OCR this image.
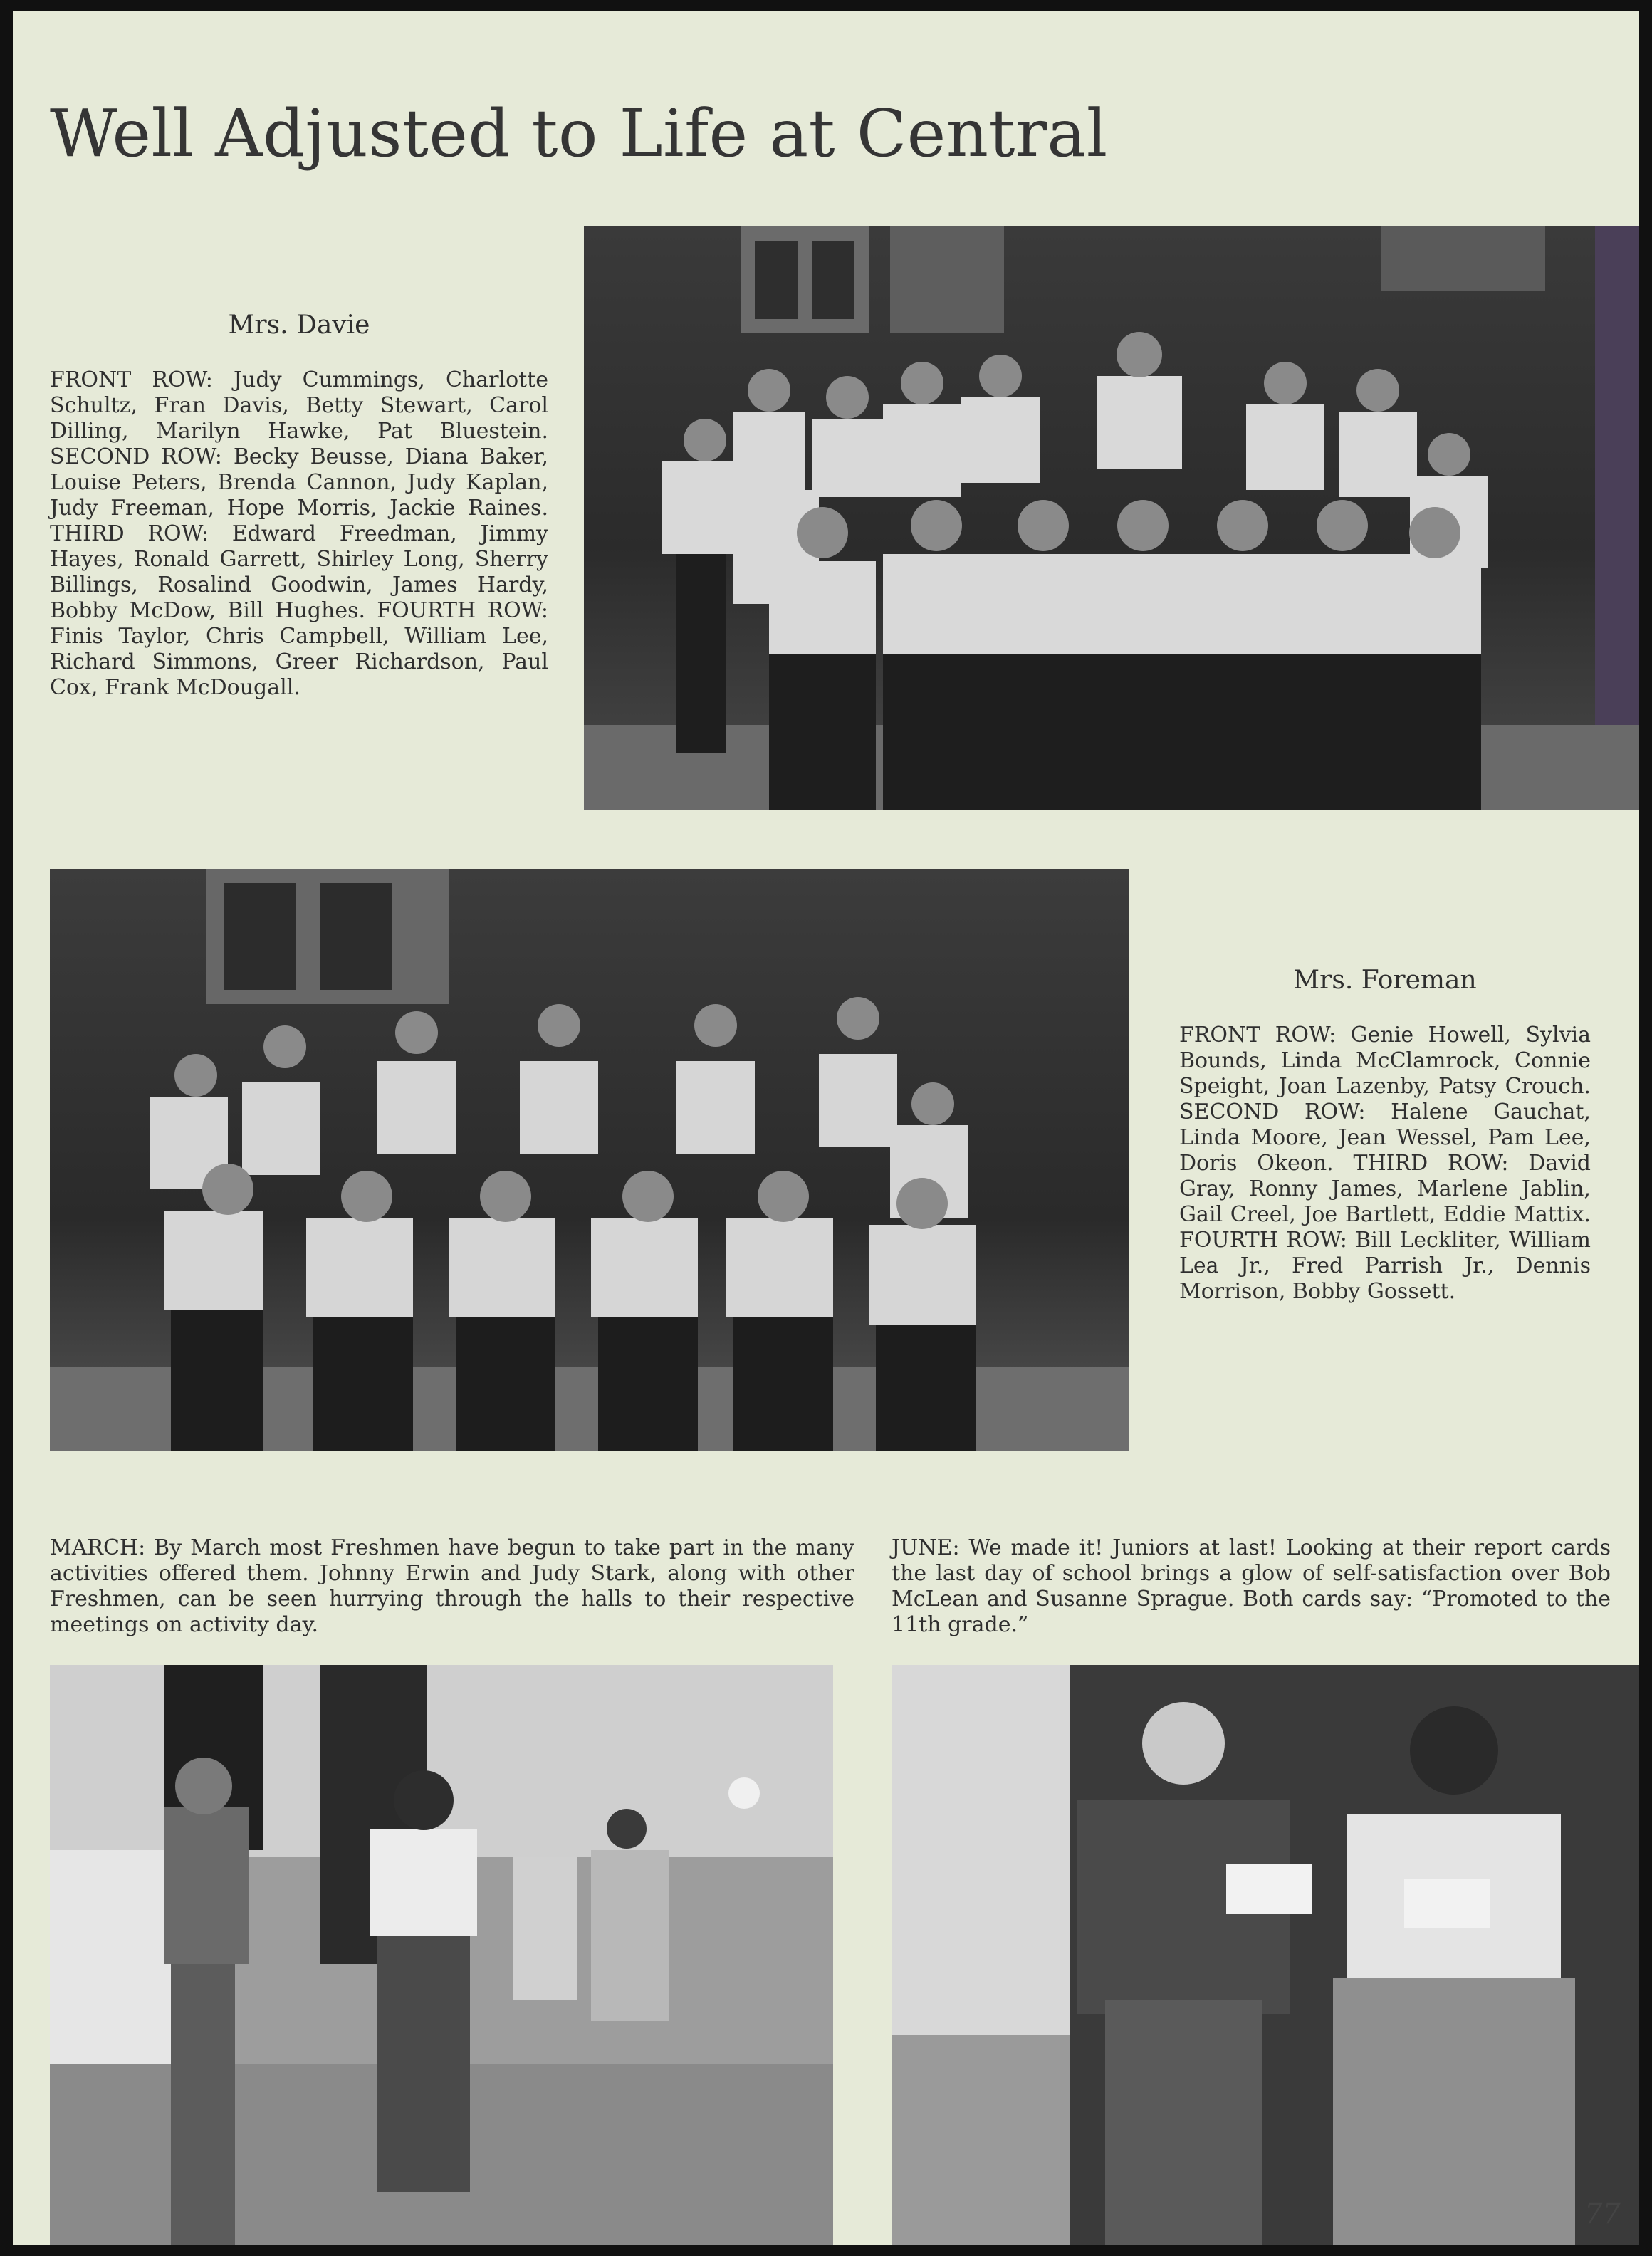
Well Adjusted to Life at Central
Mrs. Davie
FRONT ROW: Judy Cummings, Charlotte Schultz, Fran Davis, Betty Stewart, Carol Dilling, Marilyn Hawke, Pat Bluestein. SECOND ROW: Becky Beusse, Diana Baker, Louise Peters, Brenda Cannon, Judy Kaplan, Judy Freeman, Hope Morris, Jackie Raines. THIRD ROW: Edward Freedman, Jimmy Hayes, Ronald Garrett, Shirley Long, Sherry Billings, Rosalind Goodwin, James Hardy, Bobby McDow, Bill Hughes. FOURTH ROW: Finis Taylor, Chris Campbell, William Lee, Richard Simmons, Greer Richardson, Paul Cox, Frank McDougall.
Mrs. Foreman
FRONT ROW: Genie Howell, Sylvia Bounds, Linda McClamrock, Connie Speight, Joan Lazenby, Patsy Crouch. SECOND ROW: Halene Gauchat, Linda Moore, Jean Wessel, Pam Lee, Doris Okeon. THIRD ROW: David Gray, Ronny James, Marlene Jablin, Gail Creel, Joe Bartlett, Eddie Mattix. FOURTH ROW: Bill Leckliter, William Lea Jr., Fred Parrish Jr., Dennis Morrison, Bobby Gossett.
MARCH: By March most Freshmen have begun to take part in the many activities offered them. Johnny Erwin and Judy Stark, along with other Freshmen, can be seen hurrying through the halls to their respective meetings on activity day.
JUNE: We made it! Juniors at last! Looking at their report cards the last day of school brings a glow of self-satisfaction over Bob McLean and Susanne Sprague. Both cards say: “Promoted to the 11th grade.”
77
